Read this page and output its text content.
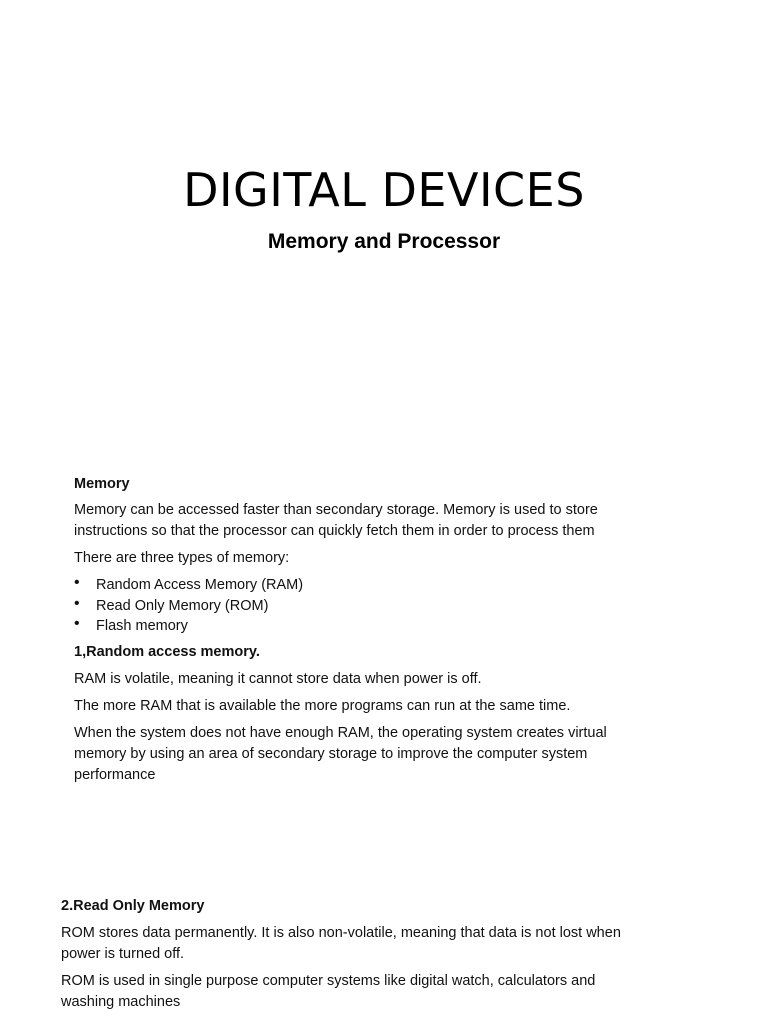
DIGITAL DEVICES
Memory and Processor
Memory
Memory can be accessed faster than secondary storage. Memory is used to store instructions so that the processor can quickly fetch them in order to process them
There are three types of memory:
• Random Access Memory (RAM)
• Read Only Memory (ROM)
• Flash memory
1,Random access memory.
RAM is volatile, meaning it cannot store data when power is off.
The more RAM that is available the more programs can run at the same time.
When the system does not have enough RAM, the operating system creates virtual memory by using an area of secondary storage to improve the computer system performance
2.Read Only Memory
ROM stores data permanently. It is also non-volatile, meaning that data is not lost when power is turned off.
ROM is used in single purpose computer systems like digital watch, calculators and washing machines
